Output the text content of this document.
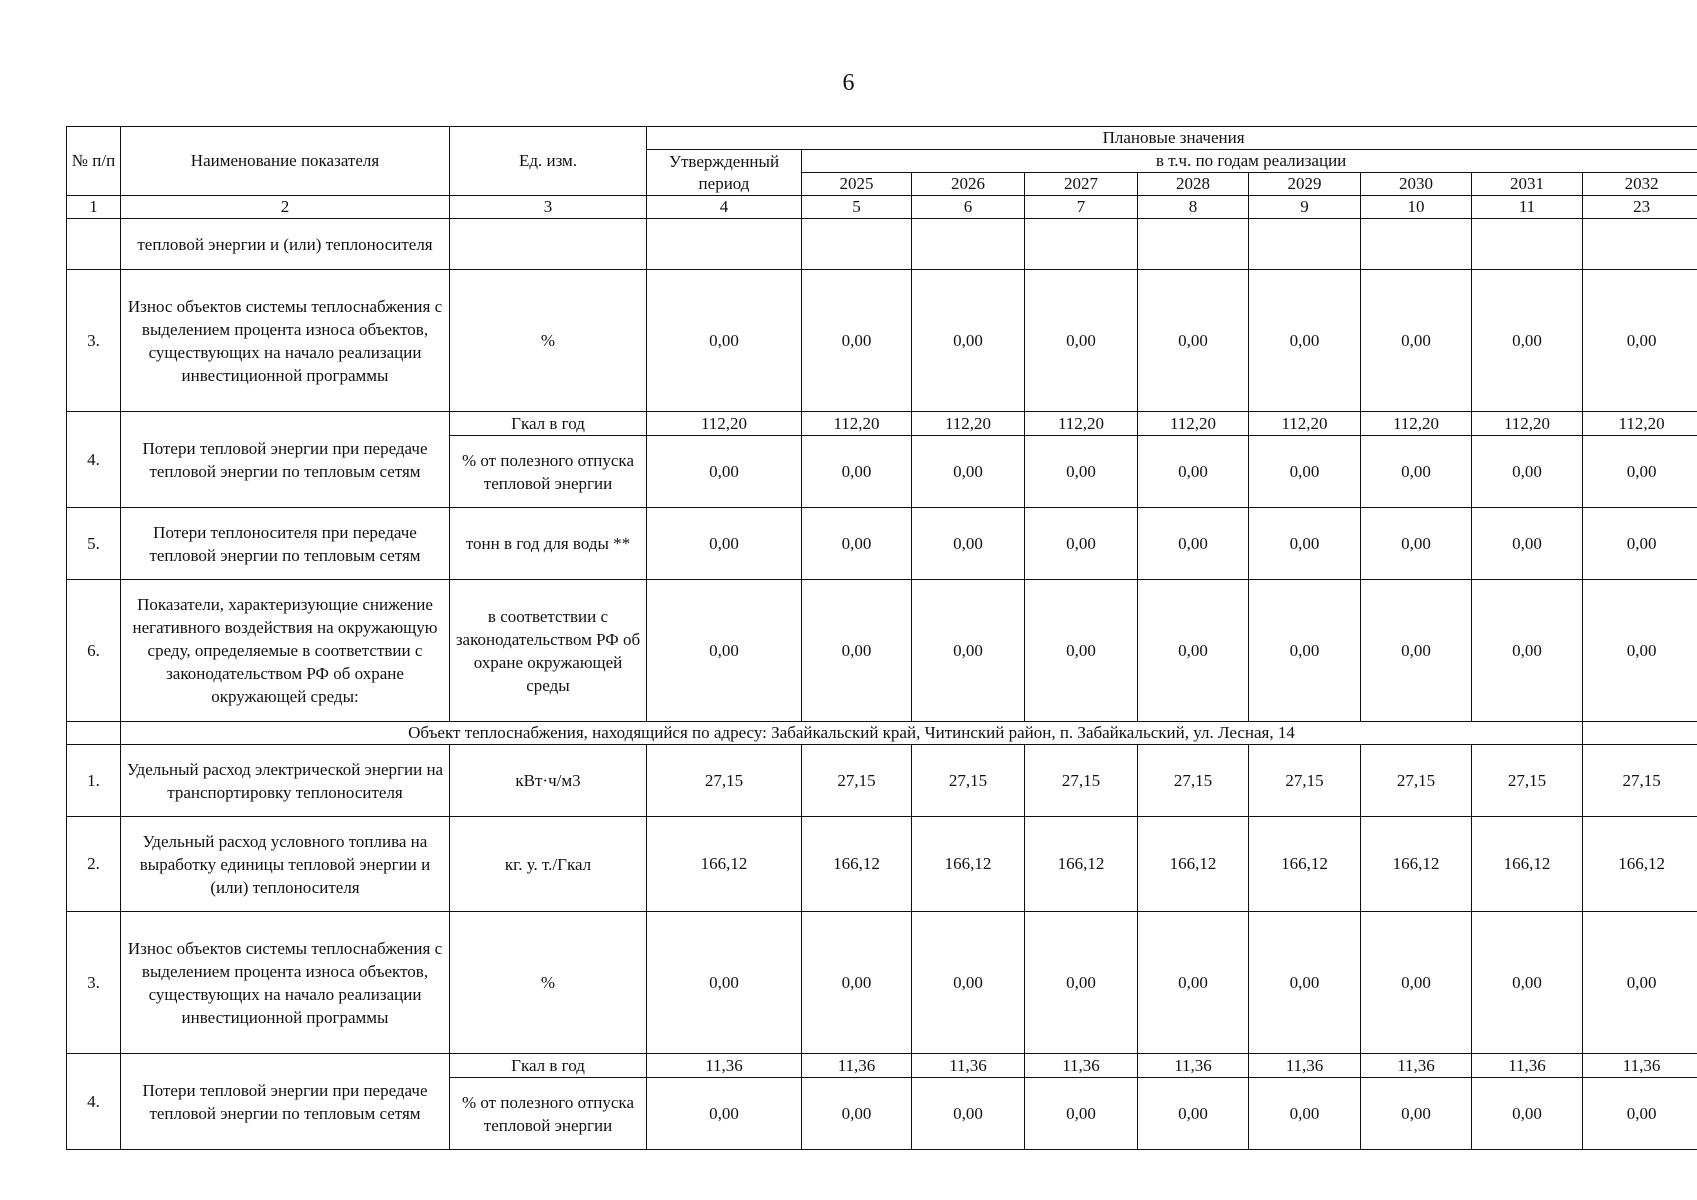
6
№ п/п	Наименование показателя	Ед. изм.	Плановые значения								
			Утвержденный период	в т.ч. по годам реализации							
				2025	2026	2027	2028	2029	2030	2031	2032
1	2	3	4	5	6	7	8	9	10	11	23
	тепловой энергии и (или) теплоносителя										
3.	Износ объектов системы теплоснабжения с выделением процента износа объектов, существующих на начало реализации инвестиционной программы	%	0,00	0,00	0,00	0,00	0,00	0,00	0,00	0,00	0,00
4.	Потери тепловой энергии при передаче тепловой энергии по тепловым сетям	Гкал в год	112,20	112,20	112,20	112,20	112,20	112,20	112,20	112,20	112,20
		% от полезного отпуска тепловой энергии	0,00	0,00	0,00	0,00	0,00	0,00	0,00	0,00	0,00
5.	Потери теплоносителя при передаче тепловой энергии по тепловым сетям	тонн в год для воды **	0,00	0,00	0,00	0,00	0,00	0,00	0,00	0,00	0,00
6.	Показатели, характеризующие снижение негативного воздействия на окружающую среду, определяемые в соответствии с законодательством РФ об охране окружающей среды:	в соответствии с законодательством РФ об охране окружающей среды	0,00	0,00	0,00	0,00	0,00	0,00	0,00	0,00	0,00
	Объект теплоснабжения, находящийся по адресу: Забайкальский край, Читинский район, п. Забайкальский, ул. Лесная, 14										
1.	Удельный расход электрической энергии на транспортировку теплоносителя	кВт·ч/м3	27,15	27,15	27,15	27,15	27,15	27,15	27,15	27,15	27,15
2.	Удельный расход условного топлива на выработку единицы тепловой энергии и (или) теплоносителя	кг. у. т./Гкал	166,12	166,12	166,12	166,12	166,12	166,12	166,12	166,12	166,12
3.	Износ объектов системы теплоснабжения с выделением процента износа объектов, существующих на начало реализации инвестиционной программы	%	0,00	0,00	0,00	0,00	0,00	0,00	0,00	0,00	0,00
4.	Потери тепловой энергии при передаче тепловой энергии по тепловым сетям	Гкал в год	11,36	11,36	11,36	11,36	11,36	11,36	11,36	11,36	11,36
		% от полезного отпуска тепловой энергии	0,00	0,00	0,00	0,00	0,00	0,00	0,00	0,00	0,00
